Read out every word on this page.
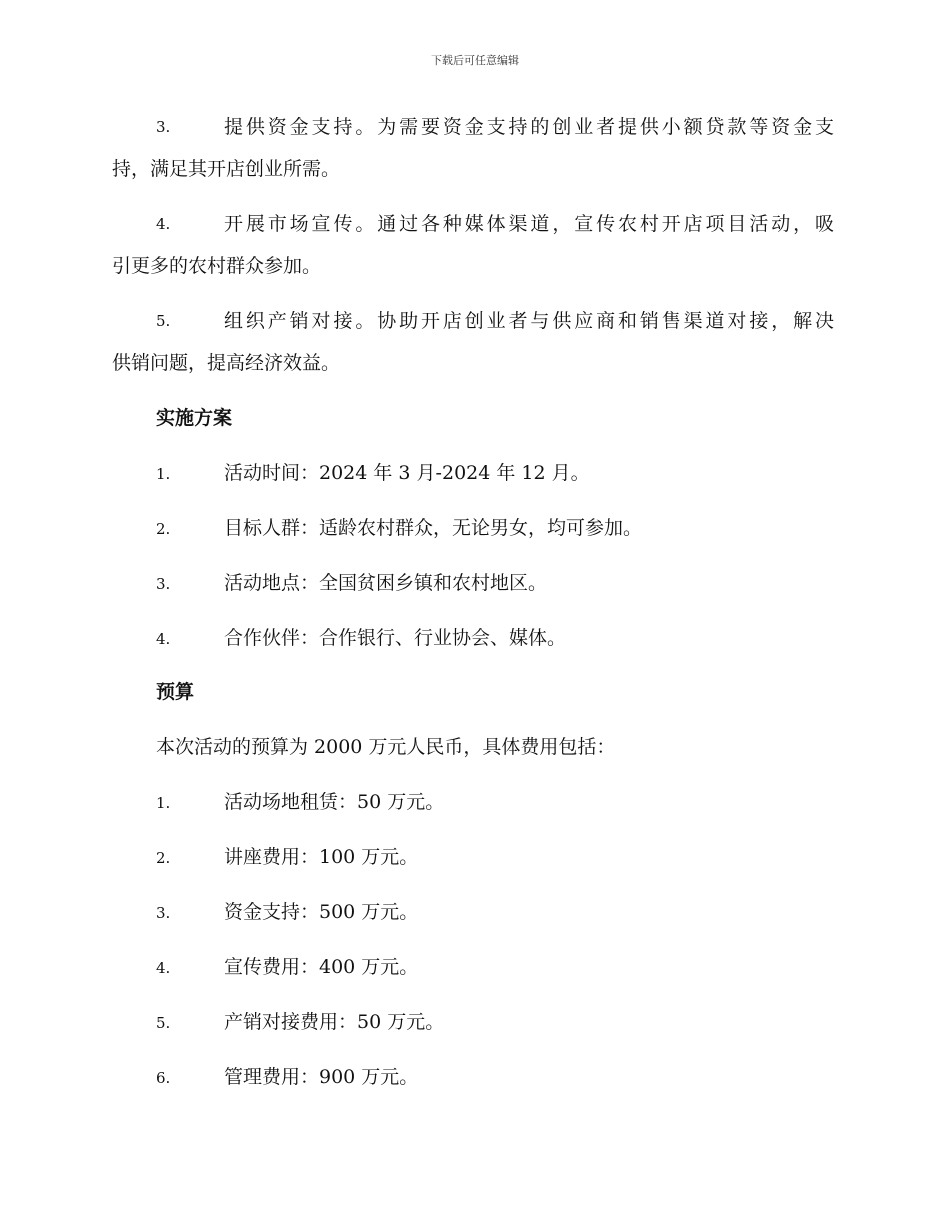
下载后可任意编辑
3.	提供资金支持。为需要资金支持的创业者提供小额贷款等资金支
持，满足其开店创业所需。
4.	开展市场宣传。通过各种媒体渠道，宣传农村开店项目活动，吸
引更多的农村群众参加。
5.	组织产销对接。协助开店创业者与供应商和销售渠道对接，解决
供销问题，提高经济效益。
实施方案
1.	活动时间：2024 年 3 月-2024 年 12 月。
2.	目标人群：适龄农村群众，无论男女，均可参加。
3.	活动地点：全国贫困乡镇和农村地区。
4.	合作伙伴：合作银行、行业协会、媒体。
预算
本次活动的预算为 2000 万元人民币，具体费用包括：
1.	活动场地租赁：50 万元。
2.	讲座费用：100 万元。
3.	资金支持：500 万元。
4.	宣传费用：400 万元。
5.	产销对接费用：50 万元。
6.	管理费用：900 万元。
